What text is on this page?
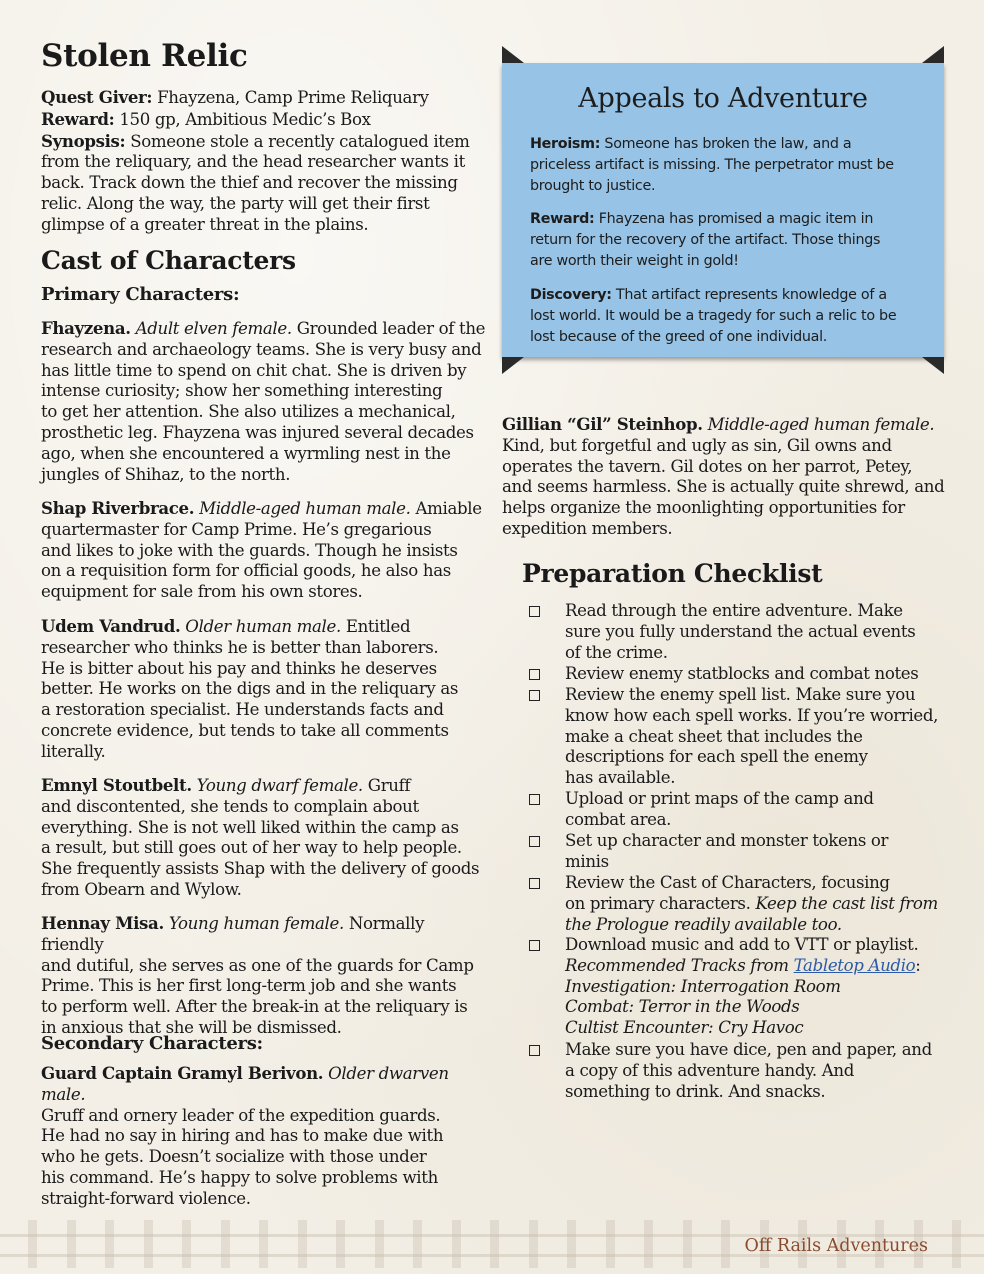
Stolen Relic

Quest Giver: Fhayzena, Camp Prime Reliquary

Reward: 150 gp, Ambitious Medic’s Box

Synopsis: Someone stole a recently catalogued item

from the reliquary, and the head researcher wants it

back. Track down the thief and recover the missing

relic. Along the way, the party will get their first

glimpse of a greater threat in the plains.

Cast of Characters
Primary Characters:

Fhayzena. Adult elven female. Grounded leader of the

research and archaeology teams. She is very busy and

has little time to spend on chit chat. She is driven by

intense curiosity; show her something interesting

to get her attention. She also utilizes a mechanical,

prosthetic leg. Fhayzena was injured several decades

ago, when she encountered a wyrmling nest in the

jungles of Shihaz, to the north.

Shap Riverbrace. Middle-aged human male. Amiable

quartermaster for Camp Prime. He’s gregarious

and likes to joke with the guards. Though he insists

on a requisition form for official goods, he also has

equipment for sale from his own stores.

Udem Vandrud. Older human male. Entitled

researcher who thinks he is better than laborers.

He is bitter about his pay and thinks he deserves

better. He works on the digs and in the reliquary as

a restoration specialist. He understands facts and

concrete evidence, but tends to take all comments

literally.

Emnyl Stoutbelt. Young dwarf female. Gruff

and discontented, she tends to complain about

everything. She is not well liked within the camp as

a result, but still goes out of her way to help people.

She frequently assists Shap with the delivery of goods

from Obearn and Wylow.

Hennay Misa. Young human female. Normally friendly

and dutiful, she serves as one of the guards for Camp

Prime. This is her first long-term job and she wants

to perform well. After the break-in at the reliquary is

in anxious that she will be dismissed.

Secondary Characters:

Guard Captain Gramyl Berivon. Older dwarven male.

Gruff and ornery leader of the expedition guards.

He had no say in hiring and has to make due with

who he gets. Doesn’t socialize with those under

his command. He’s happy to solve problems with

straight-forward violence.

Appeals to Adventure

Heroism: Someone has broken the law, and a

priceless artifact is missing. The perpetrator must be

brought to justice.

Reward: Fhayzena has promised a magic item in

return for the recovery of the artifact. Those things

are worth their weight in gold!

Discovery: That artifact represents knowledge of a

lost world. It would be a tragedy for such a relic to be

lost because of the greed of one individual.

Gillian “Gil” Steinhop. Middle-aged human female.

Kind, but forgetful and ugly as sin, Gil owns and

operates the tavern. Gil dotes on her parrot, Petey,

and seems harmless. She is actually quite shrewd, and

helps organize the moonlighting opportunities for

expedition members.

Preparation Checklist

Read through the entire adventure. Make

sure you fully understand the actual events

of the crime.

Review enemy statblocks and combat notes

Review the enemy spell list. Make sure you

know how each spell works. If you’re worried,

make a cheat sheet that includes the

descriptions for each spell the enemy

has available.

Upload or print maps of the camp and

combat area.

Set up character and monster tokens or

minis

Review the Cast of Characters, focusing

on primary characters. Keep the cast list from

the Prologue readily available too.

Download music and add to VTT or playlist.

Recommended Tracks from Tabletop Audio:

Investigation: Interrogation Room

Combat: Terror in the Woods

Cultist Encounter: Cry Havoc

Make sure you have dice, pen and paper, and

a copy of this adventure handy. And

something to drink. And snacks.

Off Rails Adventures
